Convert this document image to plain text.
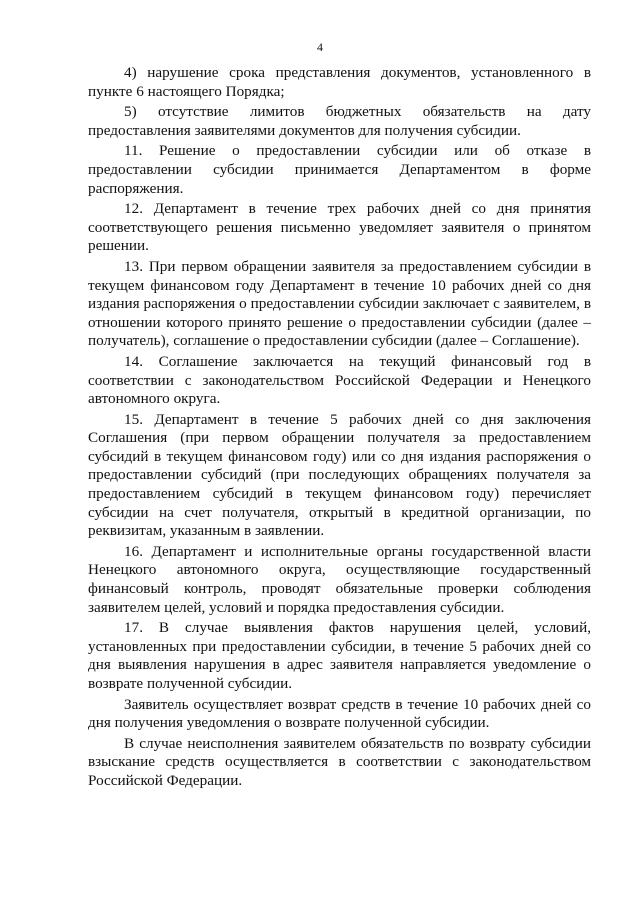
4

4) нарушение срока представления документов, установленного в пункте 6 настоящего Порядка;

5) отсутствие лимитов бюджетных обязательств на дату предоставления заявителями документов для получения субсидии.

11. Решение о предоставлении субсидии или об отказе в предоставлении субсидии принимается Департаментом в форме распоряжения.

12. Департамент в течение трех рабочих дней со дня принятия соответствующего решения письменно уведомляет заявителя о принятом решении.

13. При первом обращении заявителя за предоставлением субсидии в текущем финансовом году Департамент в течение 10 рабочих дней со дня издания распоряжения о предоставлении субсидии заключает с заявителем, в отношении которого принято решение о предоставлении субсидии (далее – получатель), соглашение о предоставлении субсидии (далее – Соглашение).

14. Соглашение заключается на текущий финансовый год в соответствии с законодательством Российской Федерации и Ненецкого автономного округа.

15. Департамент в течение 5 рабочих дней со дня заключения Соглашения (при первом обращении получателя за предоставлением субсидий в текущем финансовом году) или со дня издания распоряжения о предоставлении субсидий (при последующих обращениях получателя за предоставлением субсидий в текущем финансовом году) перечисляет субсидии на счет получателя, открытый в кредитной организации, по реквизитам, указанным в заявлении.

16. Департамент и исполнительные органы государственной власти Ненецкого автономного округа, осуществляющие государственный финансовый контроль, проводят обязательные проверки соблюдения заявителем целей, условий и порядка предоставления субсидии.

17. В случае выявления фактов нарушения целей, условий, установленных при предоставлении субсидии, в течение 5 рабочих дней со дня выявления нарушения в адрес заявителя направляется уведомление о возврате полученной субсидии.

Заявитель осуществляет возврат средств в течение 10 рабочих дней со дня получения уведомления о возврате полученной субсидии.

В случае неисполнения заявителем обязательств по возврату субсидии взыскание средств осуществляется в соответствии с законодательством Российской Федерации.
